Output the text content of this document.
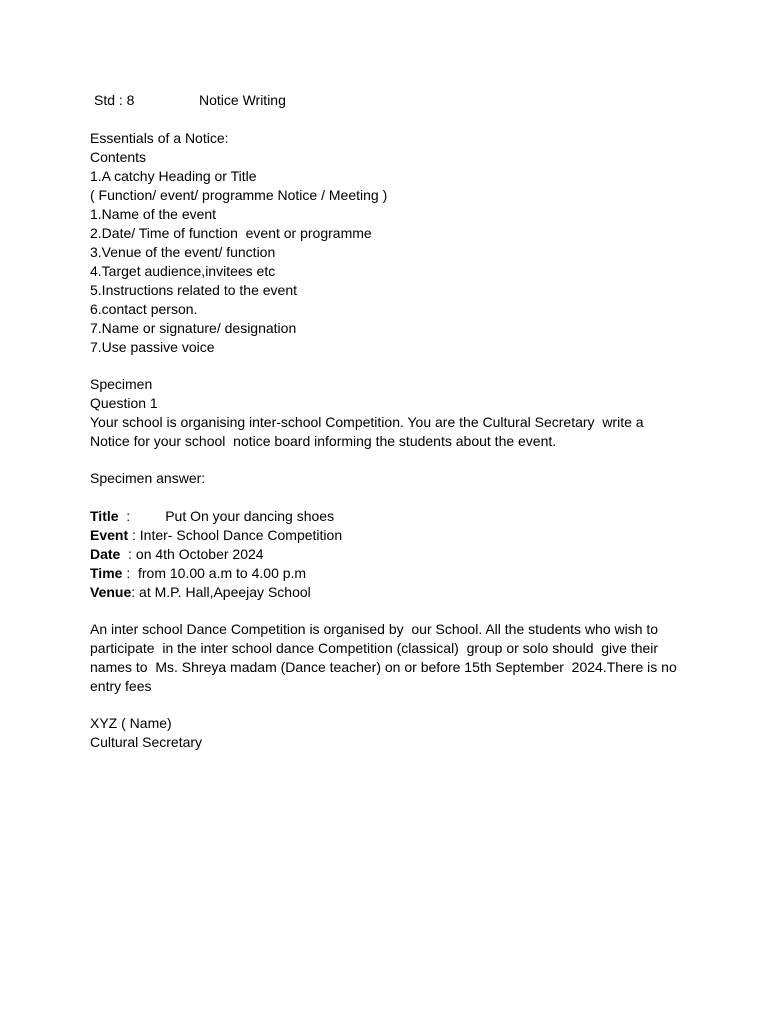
Std : 8	Notice Writing
Essentials of a Notice:
Contents
1.A catchy Heading or Title
( Function/ event/ programme Notice / Meeting )
1.Name of the event
2.Date/ Time of function  event or programme
3.Venue of the event/ function
4.Target audience,invitees etc
5.Instructions related to the event
6.contact person.
7.Name or signature/ designation
7.Use passive voice
Specimen
Question 1
Your school is organising inter-school Competition. You are the Cultural Secretary  write a
Notice for your school  notice board informing the students about the event.
Specimen answer:
Title  :         Put On your dancing shoes
Event : Inter- School Dance Competition
Date  : on 4th October 2024
Time :  from 10.00 a.m to 4.00 p.m
Venue: at M.P. Hall,Apeejay School
An inter school Dance Competition is organised by  our School. All the students who wish to
participate  in the inter school dance Competition (classical)  group or solo should  give their
names to  Ms. Shreya madam (Dance teacher) on or before 15th September  2024.There is no
entry fees
XYZ ( Name)
Cultural Secretary
